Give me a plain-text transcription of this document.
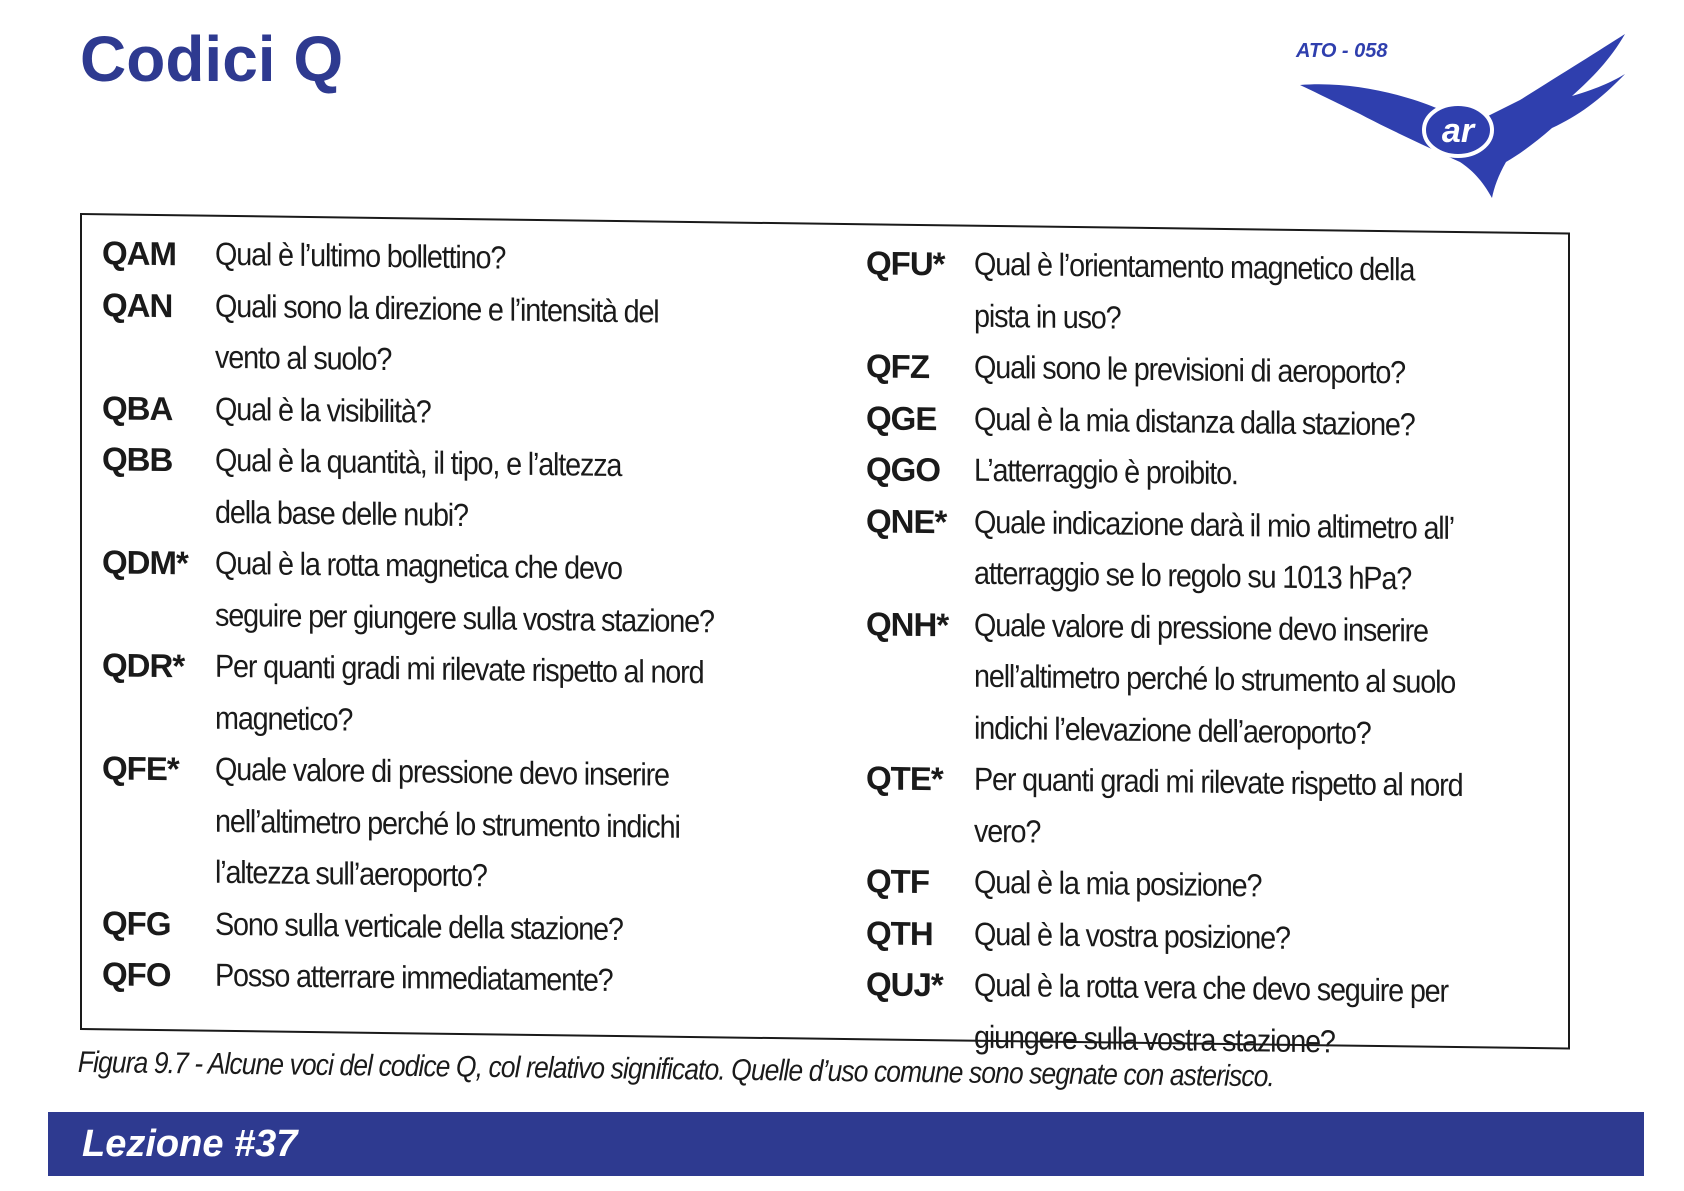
Codici Q
ar
ATO - 058
QAM	Qual è l’ultimo bollettino?
QAN	Quali sono la direzione e l’intensità del
vento al suolo?
QBA	Qual è la visibilità?
QBB	Qual è la quantità, il tipo, e l’altezza
della base delle nubi?
QDM* Qual è la rotta magnetica che devo
seguire per giungere sulla vostra stazione?
QDR* Per quanti gradi mi rilevate rispetto al nord
magnetico?
QFE*	Quale valore di pressione devo inserire
nell’altimetro perché lo strumento indichi
l’altezza sull’aeroporto?
QFG	Sono sulla verticale della stazione?
QFO	Posso atterrare immediatamente?
QFU* Qual è l’orientamento magnetico della
pista in uso?
QFZ	Quali sono le previsioni di aeroporto?
QGE	Qual è la mia distanza dalla stazione?
QGO	L’atterraggio è proibito.
QNE* Quale indicazione darà il mio altimetro all’
atterraggio se lo regolo su 1013 hPa?
QNH* Quale valore di pressione devo inserire
nell’altimetro perché lo strumento al suolo
indichi l’elevazione dell’aeroporto?
QTE* Per quanti gradi mi rilevate rispetto al nord vero?
QTF	Qual è la mia posizione?
QTH	Qual è la vostra posizione?
QUJ* Qual è la rotta vera che devo seguire per
giungere sulla vostra stazione?
Figura 9.7 - Alcune voci del codice Q, col relativo significato. Quelle d’uso comune sono segnate con asterisco.
Lezione #37
